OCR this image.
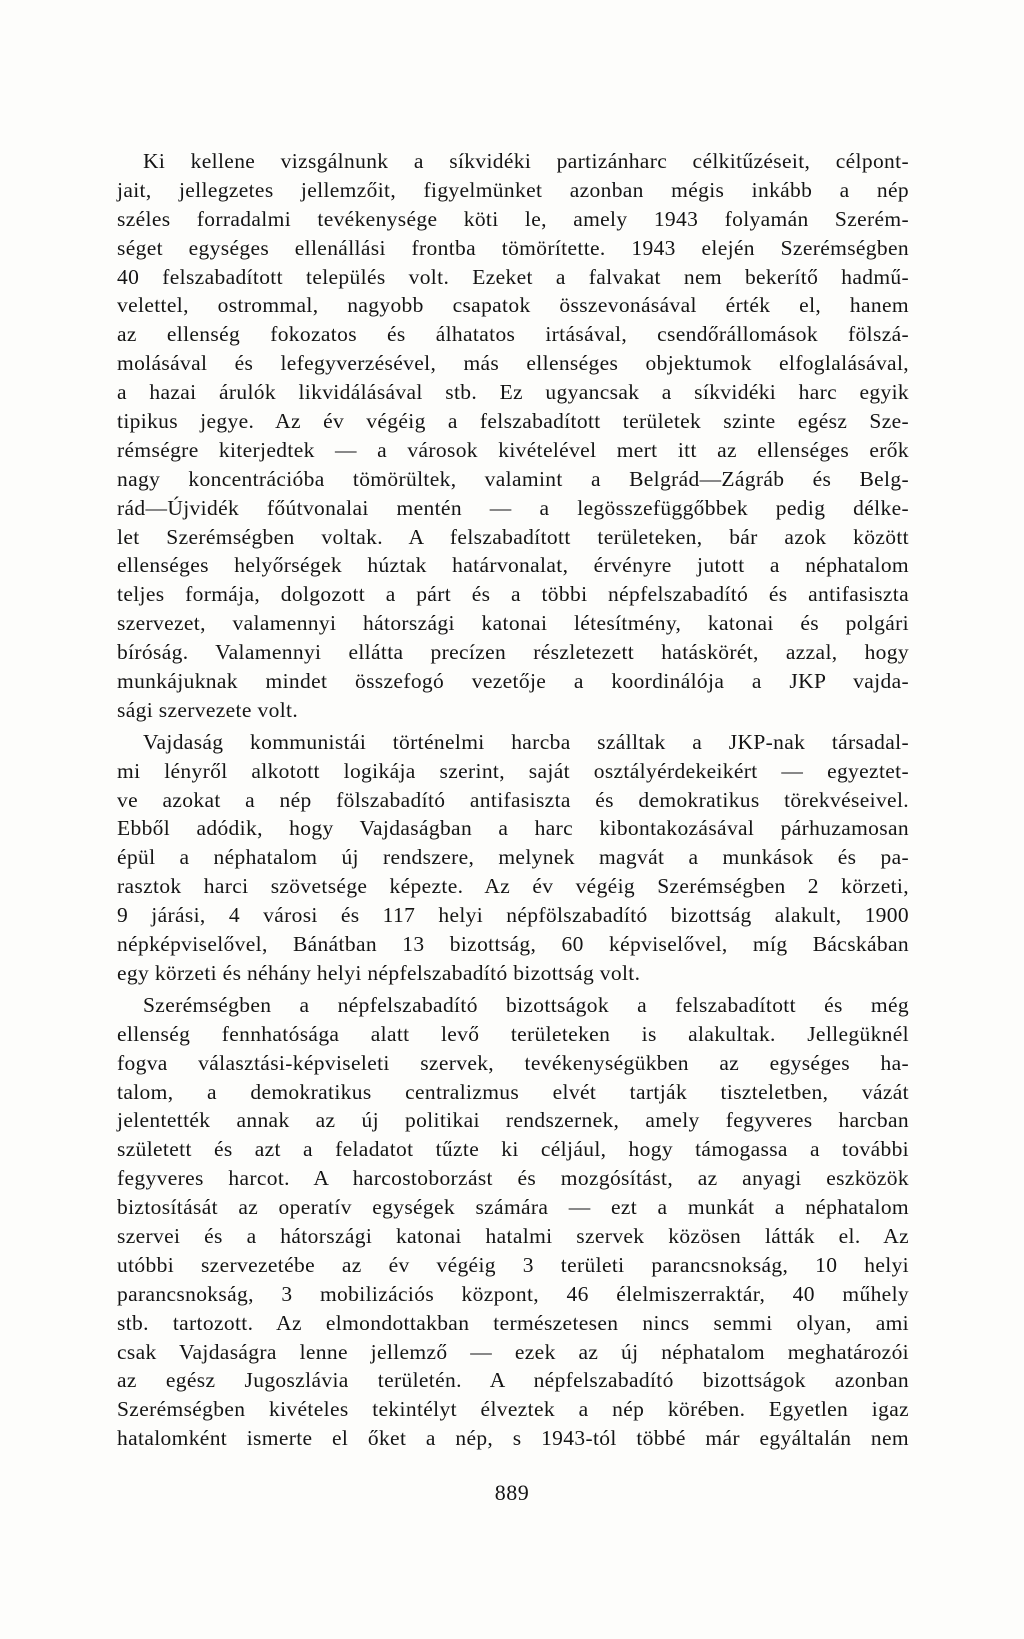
Ki kellene vizsgálnunk a síkvidéki partizánharc célkitűzéseit, célpont-
jait, jellegzetes jellemzőit, figyelmünket azonban mégis inkább a nép
széles forradalmi tevékenysége köti le, amely 1943 folyamán Szerém-
séget egységes ellenállási frontba tömörítette. 1943 elején Szerémségben
40 felszabadított település volt. Ezeket a falvakat nem bekerítő hadmű-
velettel, ostrommal, nagyobb csapatok összevonásával érték el, hanem
az ellenség fokozatos és álhatatos irtásával, csendőrállomások fölszá-
molásával és lefegyverzésével, más ellenséges objektumok elfoglalásával,
a hazai árulók likvidálásával stb. Ez ugyancsak a síkvidéki harc egyik
tipikus jegye. Az év végéig a felszabadított területek szinte egész Sze-
rémségre kiterjedtek — a városok kivételével mert itt az ellenséges erők
nagy koncentrációba tömörültek, valamint a Belgrád—Zágráb és Belg-
rád—Újvidék főútvonalai mentén — a legösszefüggőbbek pedig délke-
let Szerémségben voltak. A felszabadított területeken, bár azok között
ellenséges helyőrségek húztak határvonalat, érvényre jutott a néphatalom
teljes formája, dolgozott a párt és a többi népfelszabadító és antifasiszta
szervezet, valamennyi hátországi katonai létesítmény, katonai és polgári
bíróság. Valamennyi ellátta precízen részletezett hatáskörét, azzal, hogy
munkájuknak mindet összefogó vezetője a koordinálója a JKP vajda-
sági szervezete volt.
Vajdaság kommunistái történelmi harcba szálltak a JKP-nak társadal-
mi lényről alkotott logikája szerint, saját osztályérdekeikért — egyeztet-
ve azokat a nép fölszabadító antifasiszta és demokratikus törekvéseivel.
Ebből adódik, hogy Vajdaságban a harc kibontakozásával párhuzamosan
épül a néphatalom új rendszere, melynek magvát a munkások és pa-
rasztok harci szövetsége képezte. Az év végéig Szerémségben 2 körzeti,
9 járási, 4 városi és 117 helyi népfölszabadító bizottság alakult, 1900
népképviselővel, Bánátban 13 bizottság, 60 képviselővel, míg Bácskában
egy körzeti és néhány helyi népfelszabadító bizottság volt.
Szerémségben a népfelszabadító bizottságok a felszabadított és még
ellenség fennhatósága alatt levő területeken is alakultak. Jellegüknél
fogva választási-képviseleti szervek, tevékenységükben az egységes ha-
talom, a demokratikus centralizmus elvét tartják tiszteletben, vázát
jelentették annak az új politikai rendszernek, amely fegyveres harcban
született és azt a feladatot tűzte ki céljául, hogy támogassa a további
fegyveres harcot. A harcostoborzást és mozgósítást, az anyagi eszközök
biztosítását az operatív egységek számára — ezt a munkát a néphatalom
szervei és a hátországi katonai hatalmi szervek közösen látták el. Az
utóbbi szervezetébe az év végéig 3 területi parancsnokság, 10 helyi
parancsnokság, 3 mobilizációs központ, 46 élelmiszerraktár, 40 műhely
stb. tartozott. Az elmondottakban természetesen nincs semmi olyan, ami
csak Vajdaságra lenne jellemző — ezek az új néphatalom meghatározói
az egész Jugoszlávia területén. A népfelszabadító bizottságok azonban
Szerémségben kivételes tekintélyt élveztek a nép körében. Egyetlen igaz
hatalomként ismerte el őket a nép, s 1943-tól többé már egyáltalán nem
889
